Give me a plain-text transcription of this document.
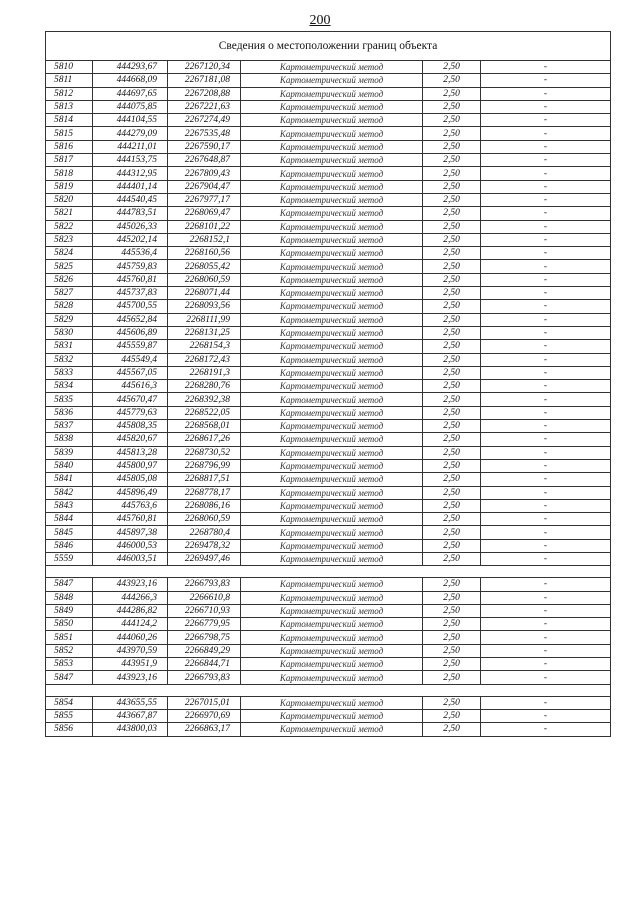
200
Сведения о местоположении границ объекта					
5810	444293,67	2267120,34	Картометрический метод	2,50	-
5811	444668,09	2267181,08	Картометрический метод	2,50	-
5812	444697,65	2267208,88	Картометрический метод	2,50	-
5813	444075,85	2267221,63	Картометрический метод	2,50	-
5814	444104,55	2267274,49	Картометрический метод	2,50	-
5815	444279,09	2267535,48	Картометрический метод	2,50	-
5816	444211,01	2267590,17	Картометрический метод	2,50	-
5817	444153,75	2267648,87	Картометрический метод	2,50	-
5818	444312,95	2267809,43	Картометрический метод	2,50	-
5819	444401,14	2267904,47	Картометрический метод	2,50	-
5820	444540,45	2267977,17	Картометрический метод	2,50	-
5821	444783,51	2268069,47	Картометрический метод	2,50	-
5822	445026,33	2268101,22	Картометрический метод	2,50	-
5823	445202,14	2268152,1	Картометрический метод	2,50	-
5824	445536,4	2268160,56	Картометрический метод	2,50	-
5825	445759,83	2268055,42	Картометрический метод	2,50	-
5826	445760,81	2268060,59	Картометрический метод	2,50	-
5827	445737,83	2268071,44	Картометрический метод	2,50	-
5828	445700,55	2268093,56	Картометрический метод	2,50	-
5829	445652,84	2268111,99	Картометрический метод	2,50	-
5830	445606,89	2268131,25	Картометрический метод	2,50	-
5831	445559,87	2268154,3	Картометрический метод	2,50	-
5832	445549,4	2268172,43	Картометрический метод	2,50	-
5833	445567,05	2268191,3	Картометрический метод	2,50	-
5834	445616,3	2268280,76	Картометрический метод	2,50	-
5835	445670,47	2268392,38	Картометрический метод	2,50	-
5836	445779,63	2268522,05	Картометрический метод	2,50	-
5837	445808,35	2268568,01	Картометрический метод	2,50	-
5838	445820,67	2268617,26	Картометрический метод	2,50	-
5839	445813,28	2268730,52	Картометрический метод	2,50	-
5840	445800,97	2268796,99	Картометрический метод	2,50	-
5841	445805,08	2268817,51	Картометрический метод	2,50	-
5842	445896,49	2268778,17	Картометрический метод	2,50	-
5843	445763,6	2268086,16	Картометрический метод	2,50	-
5844	445760,81	2268060,59	Картометрический метод	2,50	-
5845	445897,38	2268780,4	Картометрический метод	2,50	-
5846	446000,53	2269478,32	Картометрический метод	2,50	-
5559	446003,51	2269497,46	Картометрический метод	2,50	-

5847	443923,16	2266793,83	Картометрический метод	2,50	-
5848	444266,3	2266610,8	Картометрический метод	2,50	-
5849	444286,82	2266710,93	Картометрический метод	2,50	-
5850	444124,2	2266779,95	Картометрический метод	2,50	-
5851	444060,26	2266798,75	Картометрический метод	2,50	-
5852	443970,59	2266849,29	Картометрический метод	2,50	-
5853	443951,9	2266844,71	Картометрический метод	2,50	-
5847	443923,16	2266793,83	Картометрический метод	2,50	-

5854	443655,55	2267015,01	Картометрический метод	2,50	-
5855	443667,87	2266970,69	Картометрический метод	2,50	-
5856	443800,03	2266863,17	Картометрический метод	2,50	-
